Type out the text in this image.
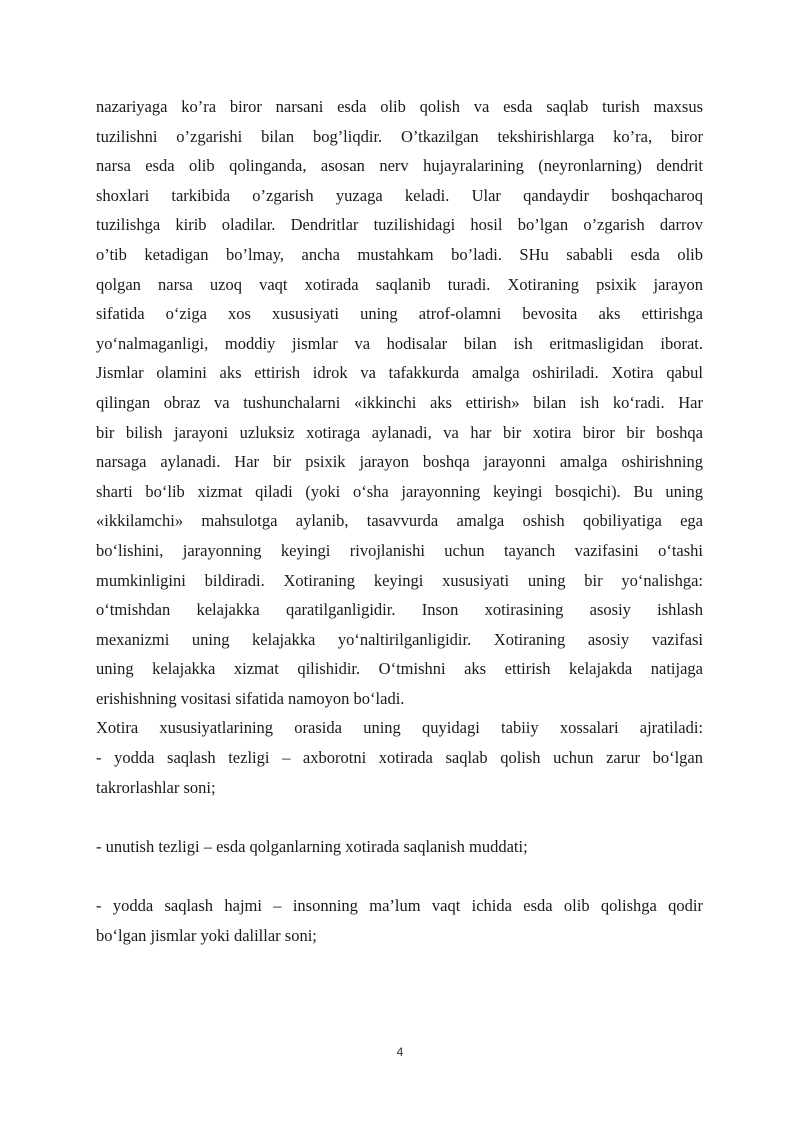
nazariyaga ko’ra biror narsani esda olib qolish va esda saqlab turish maxsus
tuzilishni o’zgarishi bilan bog’liqdir. O’tkazilgan tekshirishlarga ko’ra, biror
narsa esda olib qolinganda, asosan nerv hujayralarining (neyronlarning) dendrit
shoxlari tarkibida o’zgarish yuzaga keladi. Ular qandaydir boshqacharoq
tuzilishga kirib oladilar. Dendritlar tuzilishidagi hosil bo’lgan o’zgarish darrov
o’tib ketadigan bo’lmay, ancha mustahkam bo’ladi. SHu sababli esda olib
qolgan narsa uzoq vaqt xotirada saqlanib turadi. Xotiraning psixik jarayon
sifatida o‘ziga xos xususiyati uning atrof-olamni bevosita aks ettirishga
yo‘nalmaganligi, moddiy jismlar va hodisalar bilan ish eritmasligidan iborat.
Jismlar olamini aks ettirish idrok va tafakkurda amalga oshiriladi. Xotira qabul
qilingan obraz va tushunchalarni «ikkinchi aks ettirish» bilan ish ko‘radi. Har
bir bilish jarayoni uzluksiz xotiraga aylanadi, va har bir xotira biror bir boshqa
narsaga aylanadi. Har bir psixik jarayon boshqa jarayonni amalga oshirishning
sharti bo‘lib xizmat qiladi (yoki o‘sha jarayonning keyingi bosqichi). Bu uning
«ikkilamchi» mahsulotga aylanib, tasavvurda amalga oshish qobiliyatiga ega
bo‘lishini, jarayonning keyingi rivojlanishi uchun tayanch vazifasini o‘tashi
mumkinligini bildiradi. Xotiraning keyingi xususiyati uning bir yo‘nalishga:
o‘tmishdan kelajakka qaratilganligidir. Inson xotirasining asosiy ishlash
mexanizmi uning kelajakka yo‘naltirilganligidir. Xotiraning asosiy vazifasi
uning kelajakka xizmat qilishidir. O‘tmishni aks ettirish kelajakda natijaga
erishishning vositasi sifatida namoyon bo‘ladi.
Xotira xususiyatlarining orasida uning quyidagi tabiiy xossalari ajratiladi:
- yodda saqlash tezligi – axborotni xotirada saqlab qolish uchun zarur bo‘lgan
takrorlashlar soni;
- unutish tezligi – esda qolganlarning xotirada saqlanish muddati;
- yodda saqlash hajmi – insonning ma’lum vaqt ichida esda olib qolishga qodir
bo‘lgan jismlar yoki dalillar soni;
4
